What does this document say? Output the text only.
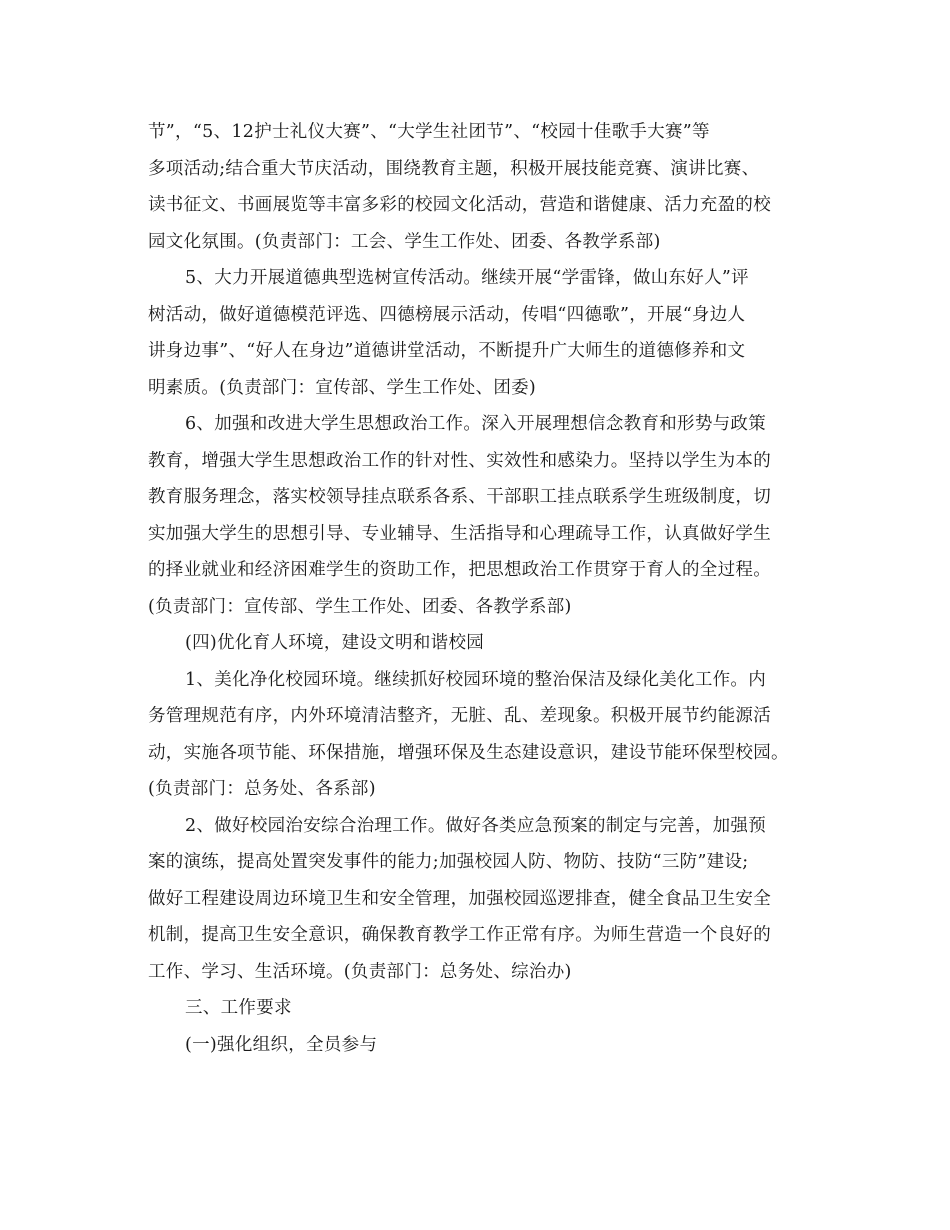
节”，“5、12护士礼仪大赛”、“大学生社团节”、“校园十佳歌手大赛”等
多项活动;结合重大节庆活动，围绕教育主题，积极开展技能竞赛、演讲比赛、
读书征文、书画展览等丰富多彩的校园文化活动，营造和谐健康、活力充盈的校
园文化氛围。(负责部门：工会、学生工作处、团委、各教学系部)
5、大力开展道德典型选树宣传活动。继续开展“学雷锋，做山东好人”评
树活动，做好道德模范评选、四德榜展示活动，传唱“四德歌”，开展“身边人
讲身边事”、“好人在身边”道德讲堂活动，不断提升广大师生的道德修养和文
明素质。(负责部门：宣传部、学生工作处、团委)
6、加强和改进大学生思想政治工作。深入开展理想信念教育和形势与政策
教育，增强大学生思想政治工作的针对性、实效性和感染力。坚持以学生为本的
教育服务理念，落实校领导挂点联系各系、干部职工挂点联系学生班级制度，切
实加强大学生的思想引导、专业辅导、生活指导和心理疏导工作，认真做好学生
的择业就业和经济困难学生的资助工作，把思想政治工作贯穿于育人的全过程。
(负责部门：宣传部、学生工作处、团委、各教学系部)
(四)优化育人环境，建设文明和谐校园
1、美化净化校园环境。继续抓好校园环境的整治保洁及绿化美化工作。内
务管理规范有序，内外环境清洁整齐，无脏、乱、差现象。积极开展节约能源活
动，实施各项节能、环保措施，增强环保及生态建设意识，建设节能环保型校园。
(负责部门：总务处、各系部)
2、做好校园治安综合治理工作。做好各类应急预案的制定与完善，加强预
案的演练，提高处置突发事件的能力;加强校园人防、物防、技防“三防”建设;
做好工程建设周边环境卫生和安全管理，加强校园巡逻排查，健全食品卫生安全
机制，提高卫生安全意识，确保教育教学工作正常有序。为师生营造一个良好的
工作、学习、生活环境。(负责部门：总务处、综治办)
三、工作要求
(一)强化组织，全员参与
